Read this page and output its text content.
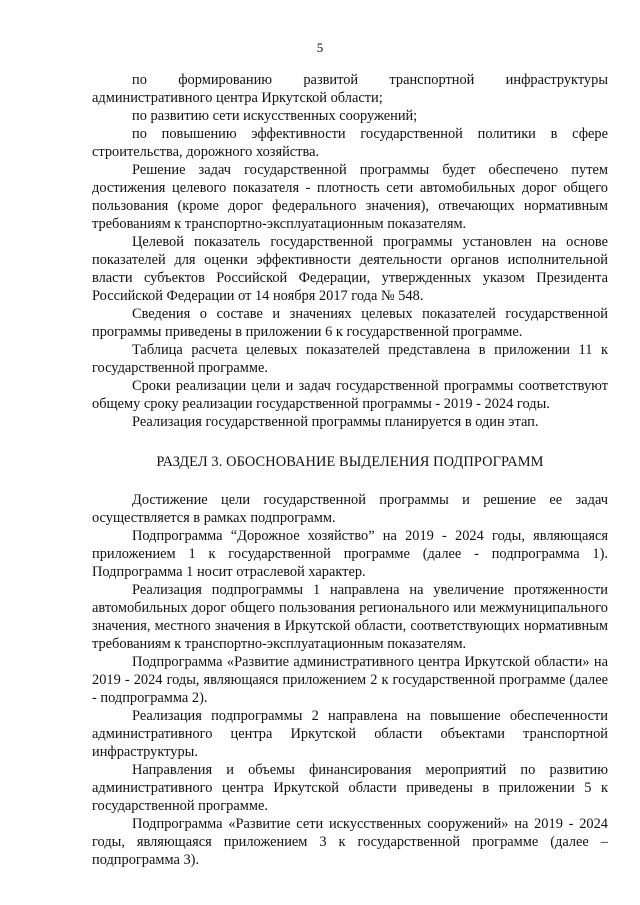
5

по формированию развитой транспортной инфраструктуры административного центра Иркутской области;

по развитию сети искусственных сооружений;

по повышению эффективности государственной политики в сфере строительства, дорожного хозяйства.

Решение задач государственной программы будет обеспечено путем достижения целевого показателя - плотность сети автомобильных дорог общего пользования (кроме дорог федерального значения), отвечающих нормативным требованиям к транспортно-эксплуатационным показателям.

Целевой показатель государственной программы установлен на основе показателей для оценки эффективности деятельности органов исполнительной власти субъектов Российской Федерации, утвержденных указом Президента Российской Федерации от 14 ноября 2017 года № 548.

Сведения о составе и значениях целевых показателей государственной программы приведены в приложении 6 к государственной программе.

Таблица расчета целевых показателей представлена в приложении 11 к государственной программе.

Сроки реализации цели и задач государственной программы соответствуют общему сроку реализации государственной программы - 2019 - 2024 годы.

Реализация государственной программы планируется в один этап.

РАЗДЕЛ 3. ОБОСНОВАНИЕ ВЫДЕЛЕНИЯ ПОДПРОГРАММ

Достижение цели государственной программы и решение ее задач осуществляется в рамках подпрограмм.

Подпрограмма “Дорожное хозяйство” на 2019 - 2024 годы, являющаяся приложением 1 к государственной программе (далее - подпрограмма 1). Подпрограмма 1 носит отраслевой характер.

Реализация подпрограммы 1 направлена на увеличение протяженности автомобильных дорог общего пользования регионального или межмуниципального значения, местного значения в Иркутской области, соответствующих нормативным требованиям к транспортно-эксплуатационным показателям.

Подпрограмма «Развитие административного центра Иркутской области» на 2019 - 2024 годы, являющаяся приложением 2 к государственной программе (далее - подпрограмма 2).

Реализация подпрограммы 2 направлена на повышение обеспеченности административного центра Иркутской области объектами транспортной инфраструктуры.

Направления и объемы финансирования мероприятий по развитию административного центра Иркутской области приведены в приложении 5 к государственной программе.

Подпрограмма «Развитие сети искусственных сооружений» на 2019 - 2024 годы, являющаяся приложением 3 к государственной программе (далее – подпрограмма 3).
